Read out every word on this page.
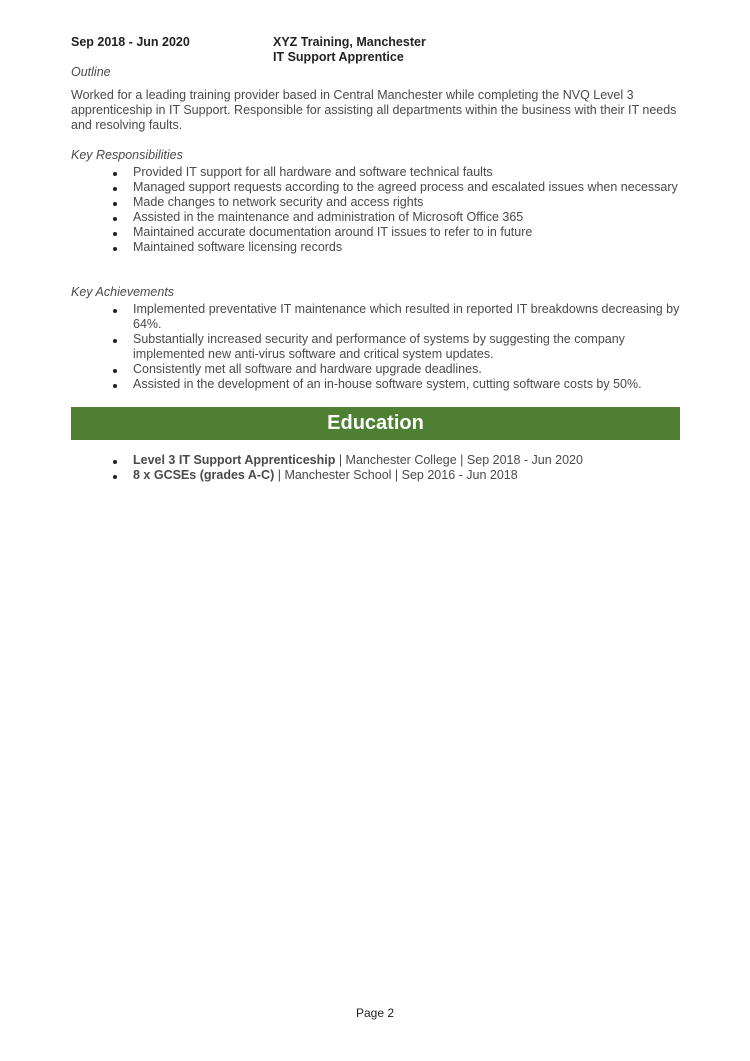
Sep 2018 - Jun 2020	XYZ Training, Manchester
IT Support Apprentice
Outline

Worked for a leading training provider based in Central Manchester while completing the NVQ Level 3 apprenticeship in IT Support. Responsible for assisting all departments within the business with their IT needs and resolving faults.

Key Responsibilities
Provided IT support for all hardware and software technical faults
Managed support requests according to the agreed process and escalated issues when necessary
Made changes to network security and access rights
Assisted in the maintenance and administration of Microsoft Office 365
Maintained accurate documentation around IT issues to refer to in future
Maintained software licensing records
Key Achievements
Implemented preventative IT maintenance which resulted in reported IT breakdowns decreasing by 64%.
Substantially increased security and performance of systems by suggesting the company implemented new anti-virus software and critical system updates.
Consistently met all software and hardware upgrade deadlines.
Assisted in the development of an in-house software system, cutting software costs by 50%.
Education
Level 3 IT Support Apprenticeship | Manchester College | Sep 2018 - Jun 2020
8 x GCSEs (grades A-C) | Manchester School | Sep 2016 - Jun 2018
Page 2
